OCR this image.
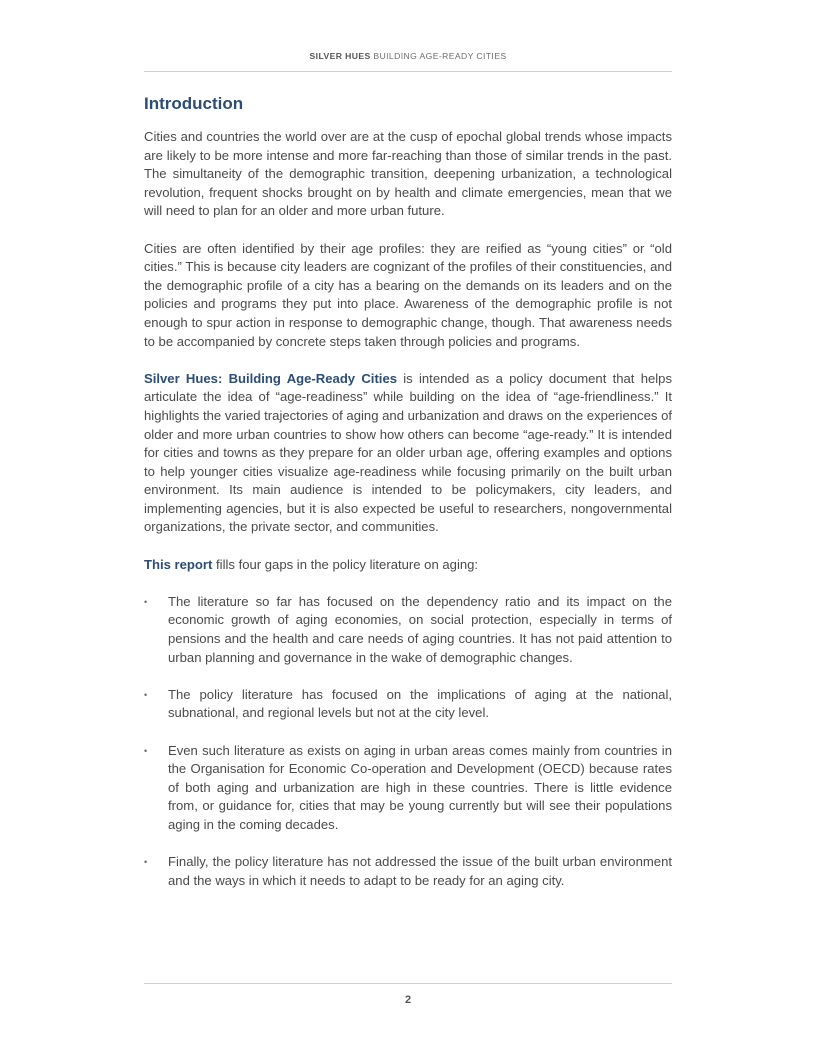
SILVER HUES BUILDING AGE-READY CITIES
Introduction

Cities and countries the world over are at the cusp of epochal global trends whose impacts are likely to be more intense and more far-reaching than those of similar trends in the past. The simultaneity of the demographic transition, deepening urbanization, a technological revolution, frequent shocks brought on by health and climate emergencies, mean that we will need to plan for an older and more urban future.

Cities are often identified by their age profiles: they are reified as “young cities” or “old cities.” This is because city leaders are cognizant of the profiles of their constituencies, and the demographic profile of a city has a bearing on the demands on its leaders and on the policies and programs they put into place. Awareness of the demographic profile is not enough to spur action in response to demographic change, though. That awareness needs to be accompanied by concrete steps taken through policies and programs.

Silver Hues: Building Age-Ready Cities is intended as a policy document that helps articulate the idea of “age-readiness” while building on the idea of “age-friendliness.” It highlights the varied trajectories of aging and urbanization and draws on the experiences of older and more urban countries to show how others can become “age-ready.” It is intended for cities and towns as they prepare for an older urban age, offering examples and options to help younger cities visualize age-readiness while focusing primarily on the built urban environment. Its main audience is intended to be policymakers, city leaders, and implementing agencies, but it is also expected be useful to researchers, nongovernmental organizations, the private sector, and communities.

This report fills four gaps in the policy literature on aging:

• The literature so far has focused on the dependency ratio and its impact on the economic growth of aging economies, on social protection, especially in terms of pensions and the health and care needs of aging countries. It has not paid attention to urban planning and governance in the wake of demographic changes.
• The policy literature has focused on the implications of aging at the national, subnational, and regional levels but not at the city level.
• Even such literature as exists on aging in urban areas comes mainly from countries in the Organisation for Economic Co-operation and Development (OECD) because rates of both aging and urbanization are high in these countries. There is little evidence from, or guidance for, cities that may be young currently but will see their populations aging in the coming decades.
• Finally, the policy literature has not addressed the issue of the built urban environment and the ways in which it needs to adapt to be ready for an aging city.
2
